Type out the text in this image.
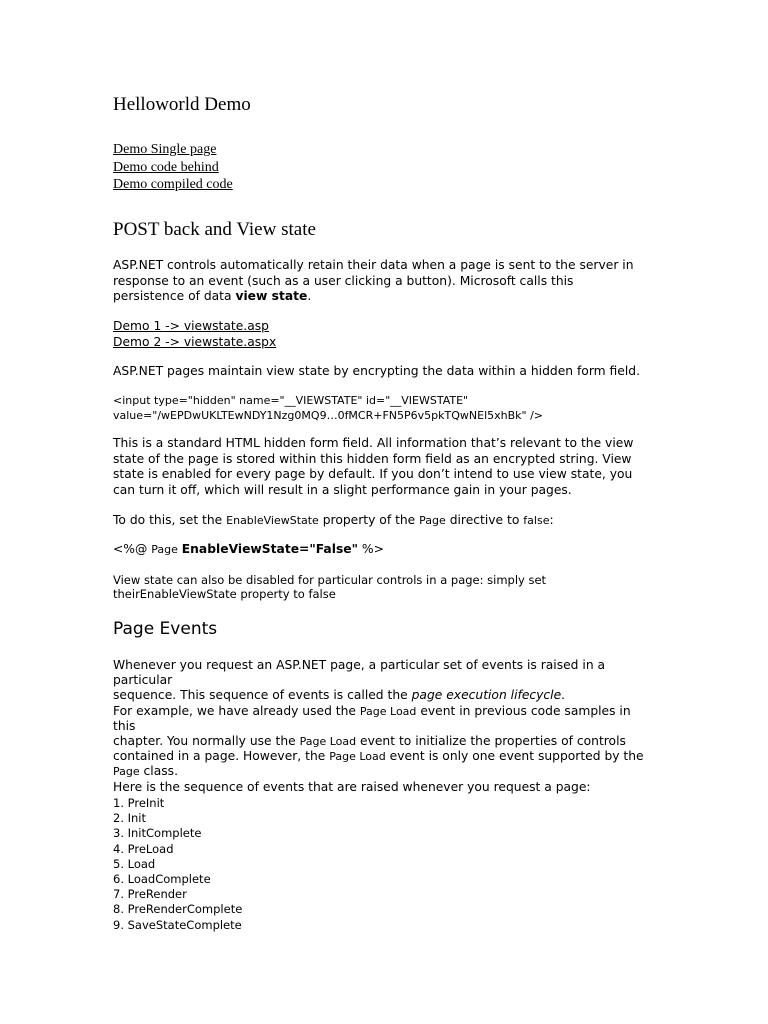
Helloworld Demo
Demo Single page
Demo code behind
Demo compiled code
POST back and View state
ASP.NET controls automatically retain their data when a page is sent to the server in
response to an event (such as a user clicking a button). Microsoft calls this
persistence of data view state.
Demo 1 -> viewstate.asp
Demo 2 -> viewstate.aspx
ASP.NET pages maintain view state by encrypting the data within a hidden form field.
<input type="hidden" name="__VIEWSTATE" id="__VIEWSTATE"
value="/wEPDwUKLTEwNDY1Nzg0MQ9…0fMCR+FN5P6v5pkTQwNEl5xhBk" />
This is a standard HTML hidden form field. All information that’s relevant to the view
state of the page is stored within this hidden form field as an encrypted string. View
state is enabled for every page by default. If you don’t intend to use view state, you
can turn it off, which will result in a slight performance gain in your pages.
To do this, set the EnableViewState property of the Page directive to false:
<%@ Page EnableViewState="False" %>
View state can also be disabled for particular controls in a page: simply set
theirEnableViewState property to false
Page Events
Whenever you request an ASP.NET page, a particular set of events is raised in a
particular
sequence. This sequence of events is called the page execution lifecycle.
For example, we have already used the Page Load event in previous code samples in
this
chapter. You normally use the Page Load event to initialize the properties of controls
contained in a page. However, the Page Load event is only one event supported by the
Page class.
Here is the sequence of events that are raised whenever you request a page:
1. PreInit
2. Init
3. InitComplete
4. PreLoad
5. Load
6. LoadComplete
7. PreRender
8. PreRenderComplete
9. SaveStateComplete
